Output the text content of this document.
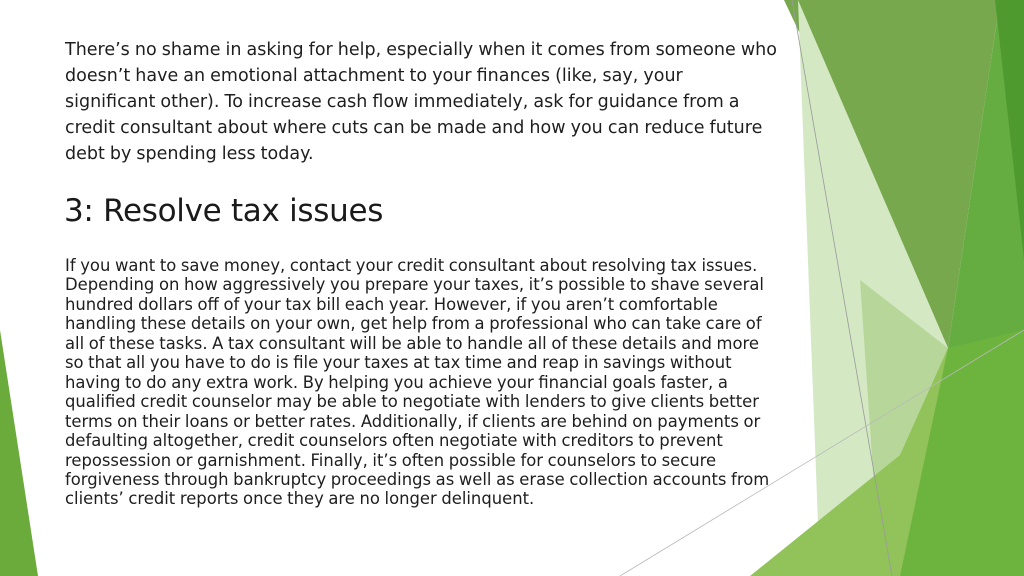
There’s no shame in asking for help, especially when it comes from someone who doesn’t have an emotional attachment to your finances (like, say, your significant other). To increase cash flow immediately, ask for guidance from a credit consultant about where cuts can be made and how you can reduce future debt by spending less today.

3: Resolve tax issues

If you want to save money, contact your credit consultant about resolving tax issues. Depending on how aggressively you prepare your taxes, it’s possible to shave several hundred dollars off of your tax bill each year. However, if you aren’t comfortable handling these details on your own, get help from a professional who can take care of all of these tasks. A tax consultant will be able to handle all of these details and more so that all you have to do is file your taxes at tax time and reap in savings without having to do any extra work. By helping you achieve your financial goals faster, a qualified credit counselor may be able to negotiate with lenders to give clients better terms on their loans or better rates. Additionally, if clients are behind on payments or defaulting altogether, credit counselors often negotiate with creditors to prevent repossession or garnishment. Finally, it’s often possible for counselors to secure forgiveness through bankruptcy proceedings as well as erase collection accounts from clients’ credit reports once they are no longer delinquent.
